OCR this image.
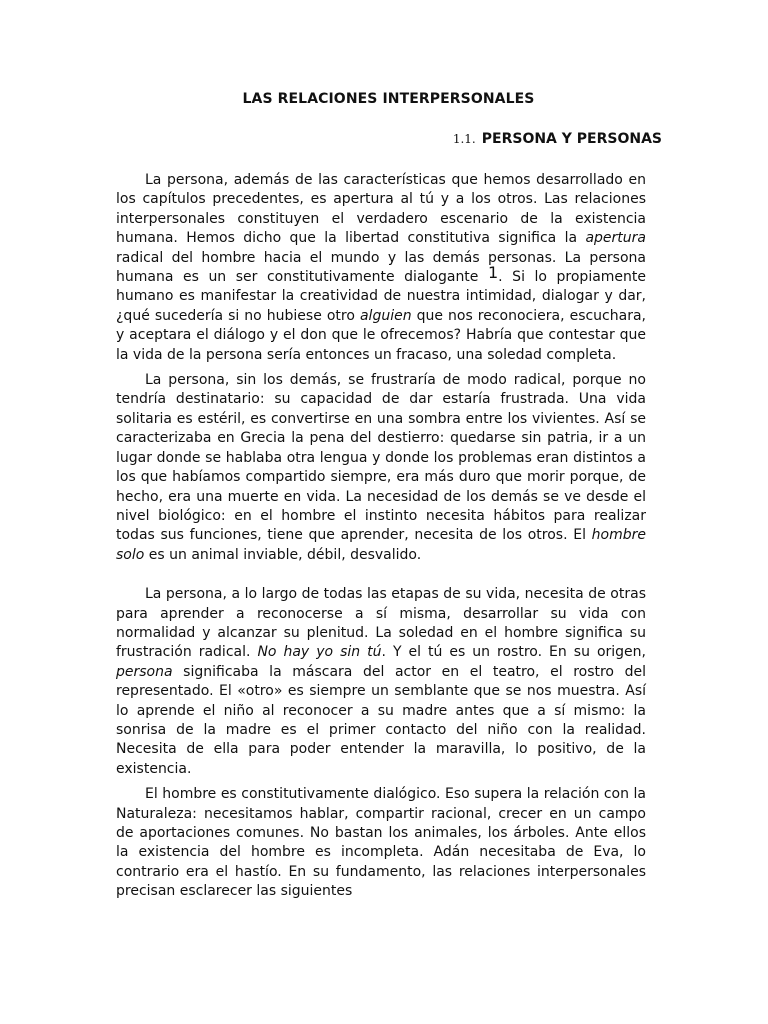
LAS RELACIONES INTERPERSONALES
1.1. PERSONA Y PERSONAS

La persona, además de las características que hemos desarrollado en los capítulos precedentes, es apertura al tú y a los otros. Las relaciones interpersonales constituyen el verdadero escenario de la existencia humana. Hemos dicho que la libertad constitutiva significa la apertura radical del hombre hacia el mundo y las demás personas. La persona humana es un ser constitutivamente dialogante 1. Si lo propiamente humano es manifestar la creatividad de nuestra intimidad, dialogar y dar, ¿qué sucedería si no hubiese otro alguien que nos reconociera, escuchara, y aceptara el diálogo y el don que le ofrecemos? Habría que contestar que la vida de la persona sería entonces un fracaso, una soledad completa.

La persona, sin los demás, se frustraría de modo radical, porque no tendría destinatario: su capacidad de dar estaría frustrada. Una vida solitaria es estéril, es convertirse en una sombra entre los vivientes. Así se caracterizaba en Grecia la pena del destierro: quedarse sin patria, ir a un lugar donde se hablaba otra lengua y donde los problemas eran distintos a los que habíamos compartido siempre, era más duro que morir porque, de hecho, era una muerte en vida. La necesidad de los demás se ve desde el nivel biológico: en el hombre el instinto necesita hábitos para realizar todas sus funciones, tiene que aprender, necesita de los otros. El hombre solo es un animal inviable, débil, desvalido.

La persona, a lo largo de todas las etapas de su vida, necesita de otras para aprender a reconocerse a sí misma, desarrollar su vida con normalidad y alcanzar su plenitud. La soledad en el hombre significa su frustración radical. No hay yo sin tú. Y el tú es un rostro. En su origen, persona significaba la máscara del actor en el teatro, el rostro del representado. El «otro» es siempre un semblante que se nos muestra. Así lo aprende el niño al reconocer a su madre antes que a sí mismo: la sonrisa de la madre es el primer contacto del niño con la realidad. Necesita de ella para poder entender la maravilla, lo positivo, de la existencia.

El hombre es constitutivamente dialógico. Eso supera la relación con la Naturaleza: necesitamos hablar, compartir racional, crecer en un campo de aportaciones comunes. No bastan los animales, los árboles. Ante ellos la existencia del hombre es incompleta. Adán necesitaba de Eva, lo contrario era el hastío. En su fundamento, las relaciones interpersonales precisan esclarecer las siguientes
